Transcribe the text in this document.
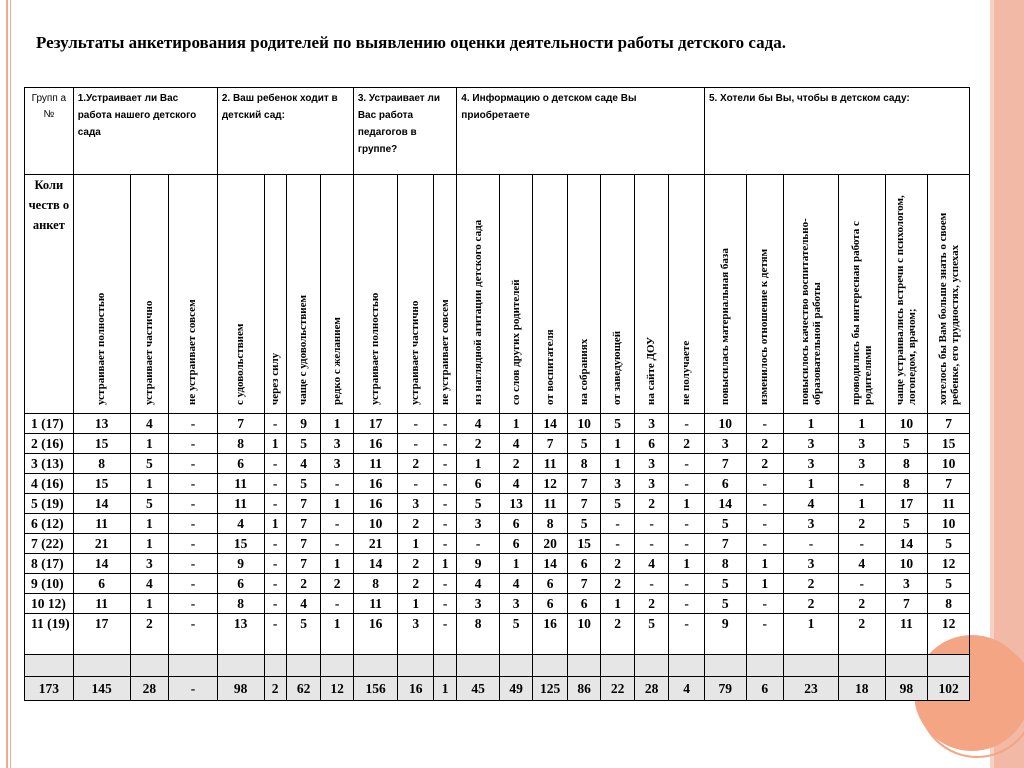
Результаты анкетирования родителей по выявлению оценки деятельности работы детского сада.
Групп а №	1.Устраивает ли Вас работа нашего детского сада			2. Ваш ребенок ходит в детский сад:				3. Устраивает ли Вас работа педагогов в группе?			4. Информацию о детском саде Вы приобретаете							5. Хотели бы Вы, чтобы в детском саду:					
Коли честв о анкет	устраивает полностью	устраивает частично	не устраивает совсем	с удовольствием	через силу	чаще с удовольствием	редко с желанием	устраивает полностью	устраивает частично	не устраивает совсем	из наглядной агитации детского сада	со слов других родителей	от воспитателя	на собраниях	от заведующей	на сайте ДОУ	не получаете	повысилась материальная база	изменилось отношение к детям	повысилось качество воспитательно-образовательной работы	проводились бы интересная работа с родителями	чаще устраивались встречи с психологом, логопедом, врачом;	хотелось бы Вам больше знать о своем ребенке, его трудностях, успехах

1 (17)	13	4	-	7	-	9	1	17	-	-	4	1	14	10	5	3	-	10	-	1	1	10	7
2 (16)	15	1	-	8	1	5	3	16	-	-	2	4	7	5	1	6	2	3	2	3	3	5	15
3 (13)	8	5	-	6	-	4	3	11	2	-	1	2	11	8	1	3	-	7	2	3	3	8	10
4 (16)	15	1	-	11	-	5	-	16	-	-	6	4	12	7	3	3	-	6	-	1	-	8	7
5 (19)	14	5	-	11	-	7	1	16	3	-	5	13	11	7	5	2	1	14	-	4	1	17	11
6 (12)	11	1	-	4	1	7	-	10	2	-	3	6	8	5	-	-	-	5	-	3	2	5	10
7 (22)	21	1	-	15	-	7	-	21	1	-	-	6	20	15	-	-	-	7	-	-	-	14	5
8 (17)	14	3	-	9	-	7	1	14	2	1	9	1	14	6	2	4	1	8	1	3	4	10	12
9 (10)	6	4	-	6	-	2	2	8	2	-	4	4	6	7	2	-	-	5	1	2	-	3	5
10 12)	11	1	-	8	-	4	-	11	1	-	3	3	6	6	1	2	-	5	-	2	2	7	8
11 (19)	17	2	-	13	-	5	1	16	3	-	8	5	16	10	2	5	-	9	-	1	2	11	12

173	145	28	-	98	2	62	12	156	16	1	45	49	125	86	22	28	4	79	6	23	18	98	102
